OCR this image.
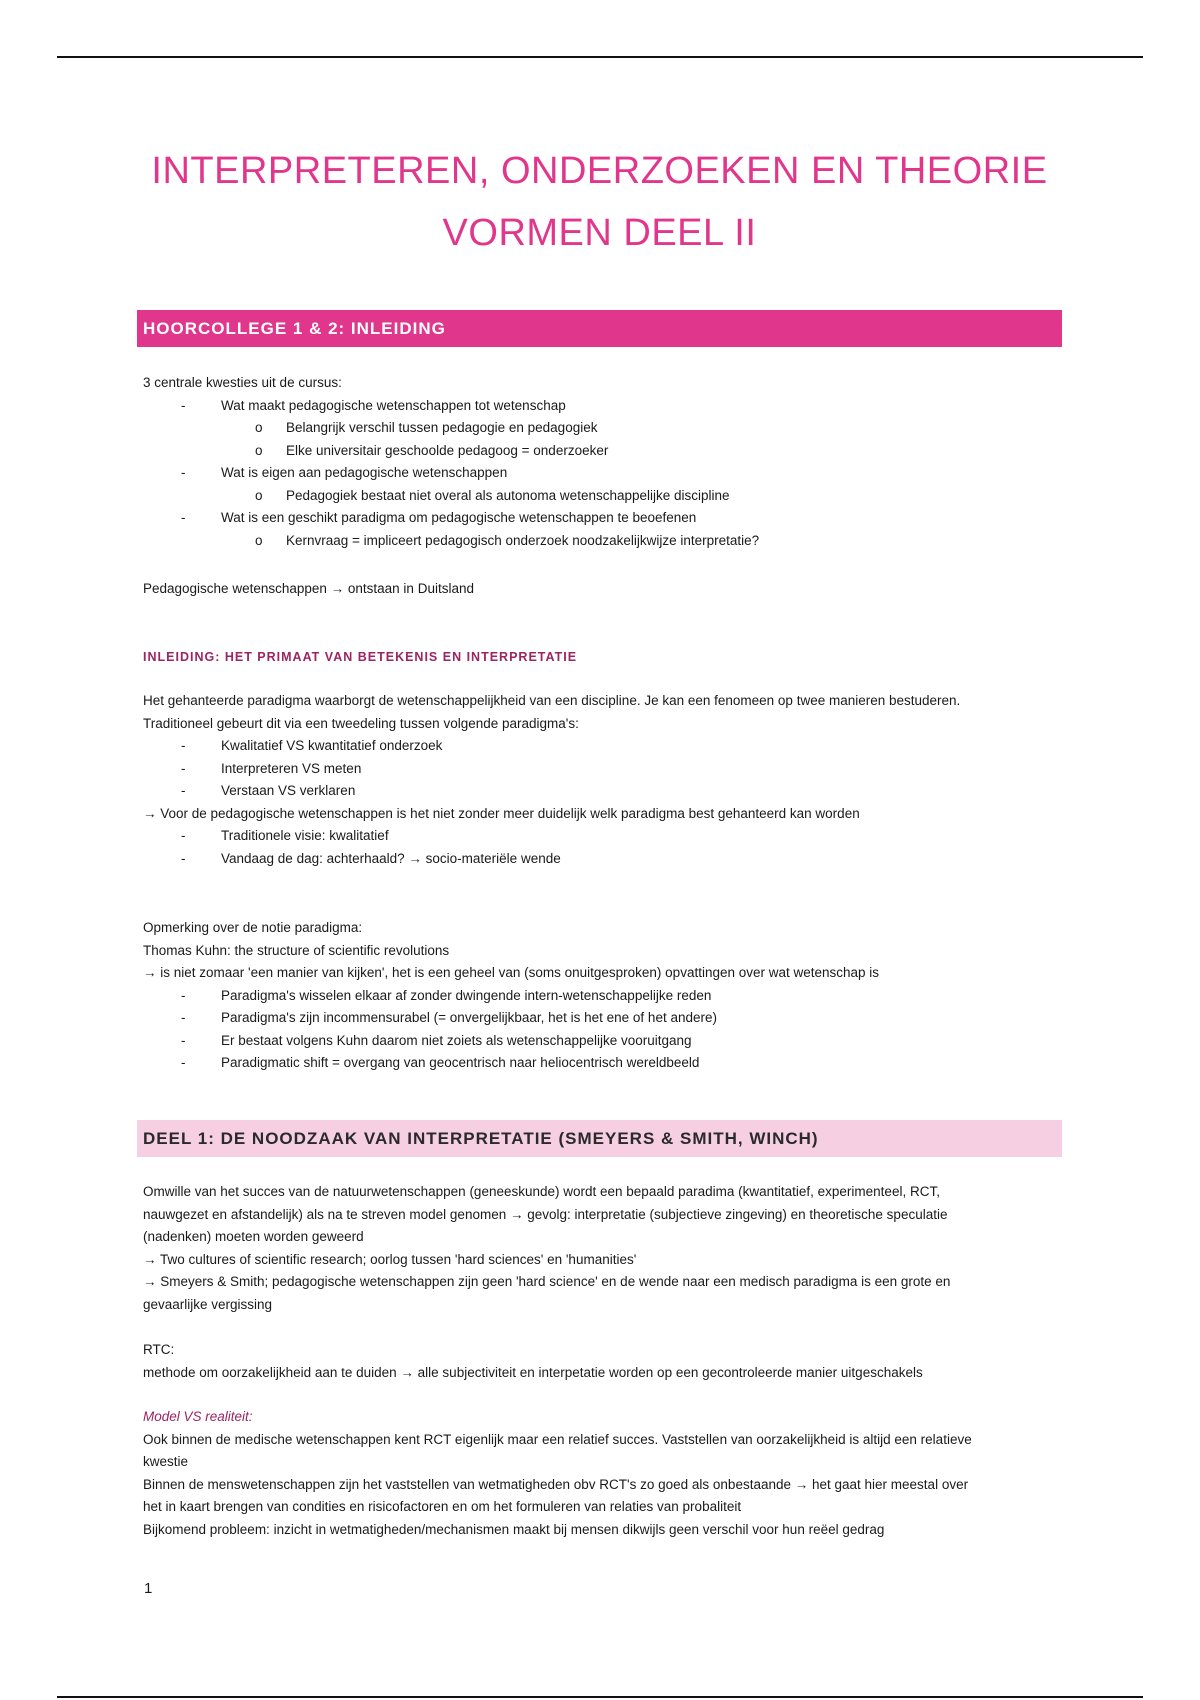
INTERPRETEREN, ONDERZOEKEN EN THEORIE
VORMEN DEEL II
HOORCOLLEGE 1 & 2: INLEIDING
3 centrale kwesties uit de cursus:
- Wat maakt pedagogische wetenschappen tot wetenschap
o Belangrijk verschil tussen pedagogie en pedagogiek
o Elke universitair geschoolde pedagoog = onderzoeker
- Wat is eigen aan pedagogische wetenschappen
o Pedagogiek bestaat niet overal als autonoma wetenschappelijke discipline
- Wat is een geschikt paradigma om pedagogische wetenschappen te beoefenen
o Kernvraag = impliceert pedagogisch onderzoek noodzakelijkwijze interpretatie?
Pedagogische wetenschappen → ontstaan in Duitsland
INLEIDING: HET PRIMAAT VAN BETEKENIS EN INTERPRETATIE
Het gehanteerde paradigma waarborgt de wetenschappelijkheid van een discipline. Je kan een fenomeen op twee manieren bestuderen.
Traditioneel gebeurt dit via een tweedeling tussen volgende paradigma's:
- Kwalitatief VS kwantitatief onderzoek
- Interpreteren VS meten
- Verstaan VS verklaren
→ Voor de pedagogische wetenschappen is het niet zonder meer duidelijk welk paradigma best gehanteerd kan worden
- Traditionele visie: kwalitatief
- Vandaag de dag: achterhaald? → socio-materiële wende
Opmerking over de notie paradigma:
Thomas Kuhn: the structure of scientific revolutions
→ is niet zomaar 'een manier van kijken', het is een geheel van (soms onuitgesproken) opvattingen over wat wetenschap is
- Paradigma's wisselen elkaar af zonder dwingende intern-wetenschappelijke reden
- Paradigma's zijn incommensurabel (= onvergelijkbaar, het is het ene of het andere)
- Er bestaat volgens Kuhn daarom niet zoiets als wetenschappelijke vooruitgang
- Paradigmatic shift = overgang van geocentrisch naar heliocentrisch wereldbeeld
DEEL 1: DE NOODZAAK VAN INTERPRETATIE (SMEYERS & SMITH, WINCH)
Omwille van het succes van de natuurwetenschappen (geneeskunde) wordt een bepaald paradima (kwantitatief, experimenteel, RCT,
nauwgezet en afstandelijk) als na te streven model genomen → gevolg: interpretatie (subjectieve zingeving) en theoretische speculatie
(nadenken) moeten worden geweerd
→ Two cultures of scientific research; oorlog tussen 'hard sciences' en 'humanities'
→ Smeyers & Smith; pedagogische wetenschappen zijn geen 'hard science' en de wende naar een medisch paradigma is een grote en
gevaarlijke vergissing
RTC:
methode om oorzakelijkheid aan te duiden → alle subjectiviteit en interpetatie worden op een gecontroleerde manier uitgeschakels
Model VS realiteit:
Ook binnen de medische wetenschappen kent RCT eigenlijk maar een relatief succes. Vaststellen van oorzakelijkheid is altijd een relatieve
kwestie
Binnen de menswetenschappen zijn het vaststellen van wetmatigheden obv RCT's zo goed als onbestaande → het gaat hier meestal over
het in kaart brengen van condities en risicofactoren en om het formuleren van relaties van probaliteit
Bijkomend probleem: inzicht in wetmatigheden/mechanismen maakt bij mensen dikwijls geen verschil voor hun reëel gedrag
1
